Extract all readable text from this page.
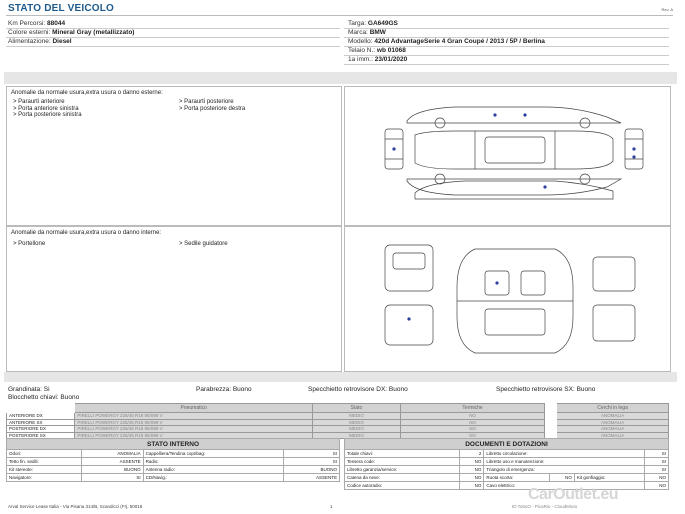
STATO DEL VEICOLO	Rev. A
Km Percorsi: 88044
Colore esterni: Mineral Gray (metallizzato)
Alimentazione: Diesel
Targa: GA649GS
Marca: BMW
Modello: 420d AdvantageSerie 4 Gran Coupé / 2013 / 5P / Berlina
Telaio N.: wb 01068
1a imm.: 23/01/2020
Anomalie da normale usura,extra usura o danno esterne:
> Paraurti anteriore
> Porta anteriore sinistra
> Porta posteriore sinistra
> Paraurti posteriore
> Porta posteriore destra
Anomalie da normale usura,extra usura o danno interne:
> Portellone	> Sedile guidatore
Grandinata: Si	Parabrezza: Buono	Specchietto retrovisore DX: Buono	Specchietto retrovisore SX: Buono
Blocchetto chiavi: Buono
	Pneumatico	Stato	Termiche		Cerchi in lega
ANTERIORE DX	PIRELLI POWERGY 225/45 R18 95/099 V	MEDIO	NO		ANOMALIA
ANTERIORE SX	PIRELLI POWERGY 225/45 R18 95/099 V	MEDIO	NO		ANOMALIA
POSTERIORE DX	PIRELLI POWERGY 225/45 R18 95/099 V	MEDIO	NO		ANOMALIA
POSTERIORE SX	PIRELLI POWERGY 225/45 R18 95/099 V	MEDIO	NO		ANOMALIA
STATO INTERNO			
Odori:	ANOMALIA	Cappelliera/Tendina copribag:	SI
Tetto fin. sedili:	ASSENTE	Radio:	SI
Kit stereote:	BUONO	Antenna radio:	BUONO
Navigatore:	SI	CD/Navig.:	ASSENTE
DOCUMENTI E DOTAZIONI					
Totale chiavi:	2	Libretto circolazione:			SI
Tessera code:	NO	Libretto uso e manutenzione:			SI
Libretto garanzia/service:	NO	Triangolo di emergenza:			SI
Catena da neve:	NO	Ruota scorta:	NO	Kit gonfiaggio:	NO
Codice autoradio:	NO	Cavo elettrico:			NO
Arval Service Lease Italia - Via Pisana 314/B, Scandicci (FI), 50018	1	ID TottoO - PicaRio - CloudMiuto
CarOutlet.eu
